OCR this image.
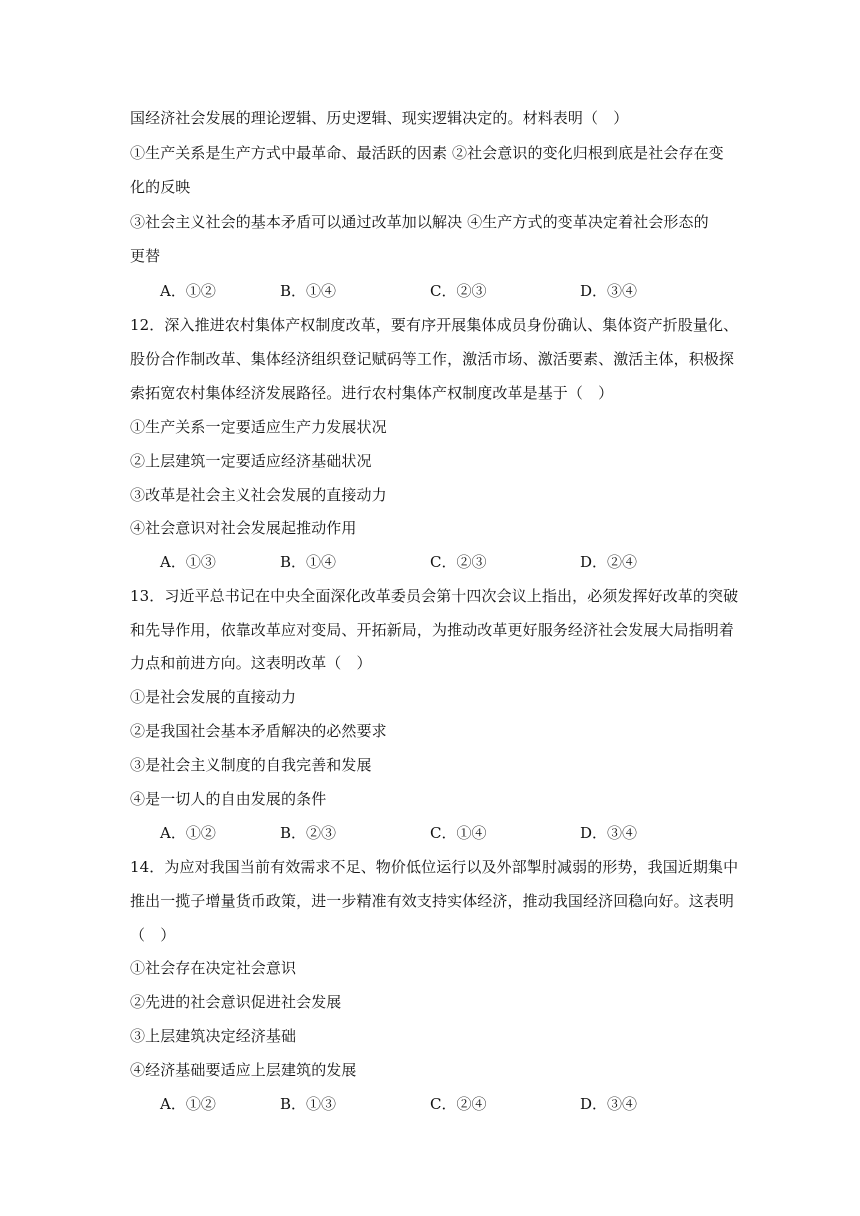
国经济社会发展的理论逻辑、历史逻辑、现实逻辑决定的。材料表明（　）
①生产关系是生产方式中最革命、最活跃的因素 ②社会意识的变化归根到底是社会存在变
化的反映
③社会主义社会的基本矛盾可以通过改革加以解决 ④生产方式的变革决定着社会形态的
更替
A．①②	B．①④	C．②③	D．③④
12．深入推进农村集体产权制度改革，要有序开展集体成员身份确认、集体资产折股量化、
股份合作制改革、集体经济组织登记赋码等工作，激活市场、激活要素、激活主体，积极探
索拓宽农村集体经济发展路径。进行农村集体产权制度改革是基于（　）
①生产关系一定要适应生产力发展状况
②上层建筑一定要适应经济基础状况
③改革是社会主义社会发展的直接动力
④社会意识对社会发展起推动作用
A．①③	B．①④	C．②③	D．②④
13．习近平总书记在中央全面深化改革委员会第十四次会议上指出，必须发挥好改革的突破
和先导作用，依靠改革应对变局、开拓新局，为推动改革更好服务经济社会发展大局指明着
力点和前进方向。这表明改革（　）
①是社会发展的直接动力
②是我国社会基本矛盾解决的必然要求
③是社会主义制度的自我完善和发展
④是一切人的自由发展的条件
A．①②	B．②③	C．①④	D．③④
14．为应对我国当前有效需求不足、物价低位运行以及外部掣肘减弱的形势，我国近期集中
推出一揽子增量货币政策，进一步精准有效支持实体经济，推动我国经济回稳向好。这表明
（　）
①社会存在决定社会意识
②先进的社会意识促进社会发展
③上层建筑决定经济基础
④经济基础要适应上层建筑的发展
A．①②	B．①③	C．②④	D．③④
